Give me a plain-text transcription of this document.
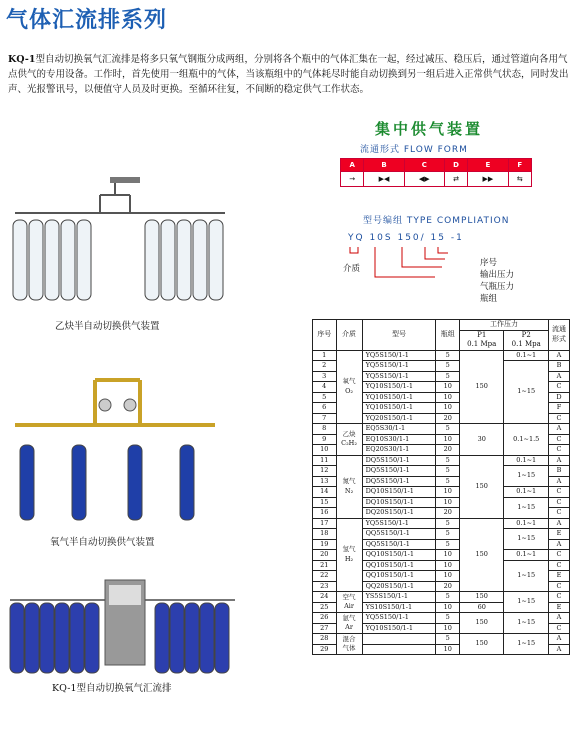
气体汇流排系列
KQ-1型自动切换氧气汇流排是将多只氧气钢瓶分成两组，分别将各个瓶中的气体汇集在一起，经过减压、稳压后，通过管道向各用气点供气的专用设备。工作时，首先使用一组瓶中的气体，当该瓶组中的气体耗尽时能自动切换到另一组后进入正常供气状态，同时发出声、光报警讯号，以便值守人员及时更换。至循环往复，不间断的稳定供气工作状态。
乙炔半自动切换供气装置
氧气半自动切换供气装置
KQ-1型自动切换氧气汇流排
集中供气装置
流通形式 FLOW FORM
A	B	C	D	E	F
→	▶◀	◀▶	⇄	▶▶	⇆
型号编组 TYPE COMPLIATION
YQ 10S 150/ 15 -1
介质
序号
输出压力
气瓶压力
瓶组
序号	介质	型号	瓶组	工作压力		流通形式
				P1
0.1 Mpa	P2
0.1 Mpa	
1	氧气
O₂	YQ5S150/1-1	5	150	0.1~1	A
2		YQ5S150/1-1	5		1~15	B
3		YQ5S150/1-1	5			A
4		YQ10S150/1-1	10			C
5		YQ10S150/1-1	10			D
6		YQ10S150/1-1	10			F
7		YQ20S150/1-1	20			C
8	乙炔
C₂H₂	EQ5S30/1-1	5	30	0.1~1.5	A
9		EQ10S30/1-1	10			C
10		EQ20S30/1-1	20			C
11	氮气
N₂	DQ5S150/1-1	5	150	0.1~1	A
12		DQ5S150/1-1	5		1~15	B
13		DQ5S150/1-1	5			A
14		DQ10S150/1-1	10		0.1~1	C
15		DQ10S150/1-1	10		1~15	C
16		DQ20S150/1-1	20			C
17	氢气
H₂	YQ5S150/1-1	5	150	0.1~1	A
18		QQ5S150/1-1	5		1~15	E
19		QQ5S150/1-1	5			A
20		QQ10S150/1-1	10		0.1~1	C
21		QQ10S150/1-1	10		1~15	C
22		QQ10S150/1-1	10			E
23		QQ20S150/1-1	20			C
24	空气
Air	YS5S150/1-1	5	150	1~15	C
25		YS10S150/1-1	10	60		E
26	氩气
Ar	YQ5S150/1-1	5	150	1~15	A
27		YQ10S150/1-1	10			C
28	混合
气体		5	150	1~15	A
29			10			A
